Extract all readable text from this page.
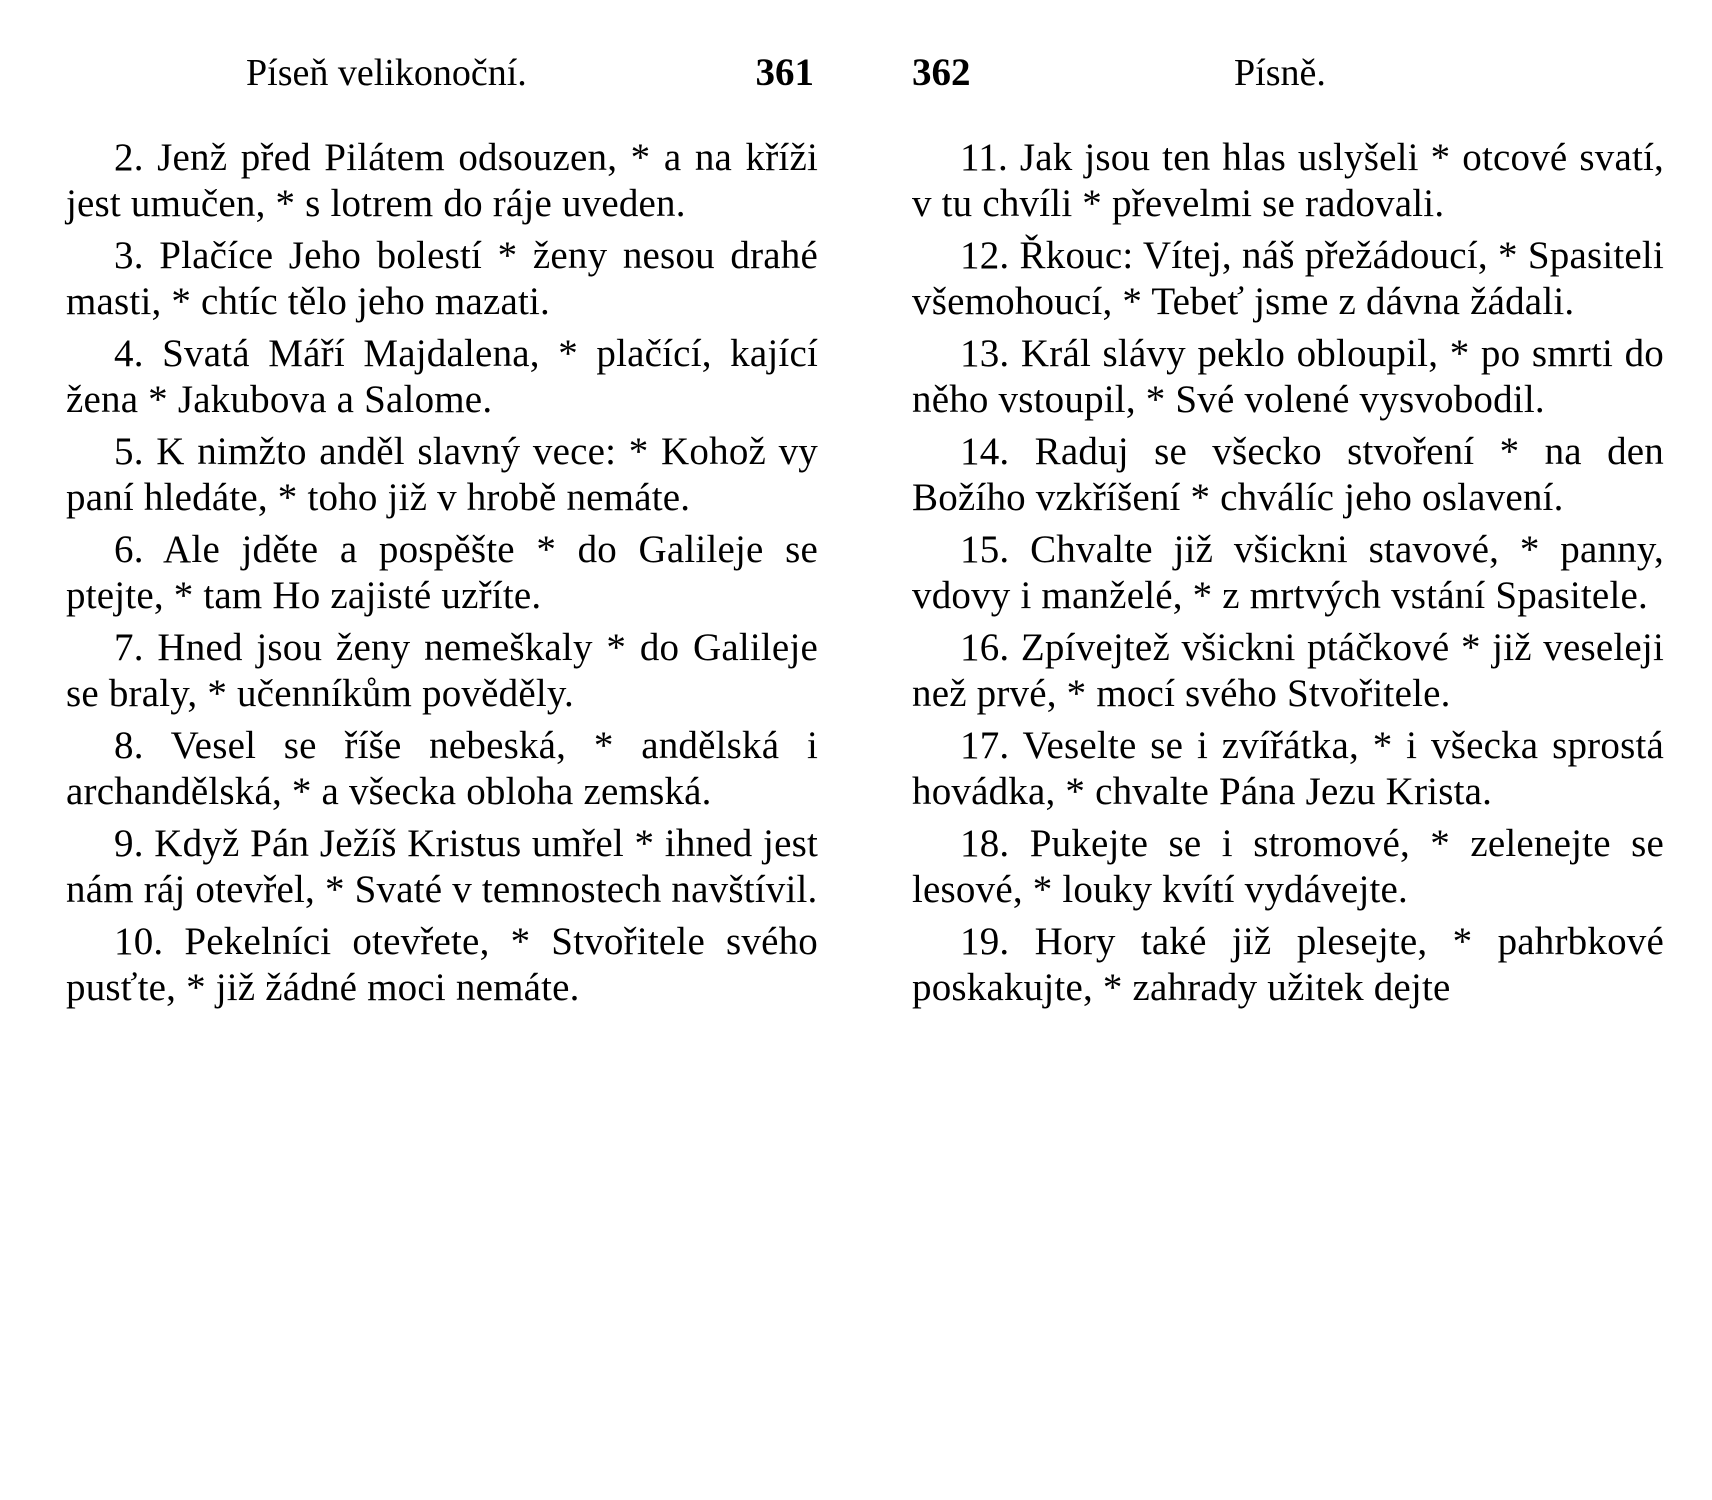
Píseň velikonoční.	361

2. Jenž před Pilátem odsouzen, * a na kříži jest umučen, * s lotrem do ráje uveden.

3. Plačíce Jeho bolestí * ženy nesou drahé masti, * chtíc tělo jeho mazati.

4. Svatá Máří Majdalena, * plačící, kající žena * Jakubova a Salome.

5. K nimžto anděl slavný vece: * Kohož vy paní hledáte, * toho již v hrobě nemáte.

6. Ale jděte a pospěšte * do Galileje se ptejte, * tam Ho zajisté uzříte.

7. Hned jsou ženy nemeškaly * do Galileje se braly, * učenníkům pověděly.

8. Vesel se říše nebeská, * andělská i archandělská, * a všecka obloha zemská.

9. Když Pán Ježíš Kristus umřel * ihned jest nám ráj otevřel, * Svaté v temnostech navštívil.

10. Pekelníci otevřete, * Stvořitele svého pusťte, * již žádné moci nemáte.

362	Písně.

11. Jak jsou ten hlas uslyšeli * otcové svatí, v tu chvíli * převelmi se radovali.

12. Řkouc: Vítej, náš přežádoucí, * Spasiteli všemohoucí, * Tebeť jsme z dávna žádali.

13. Král slávy peklo obloupil, * po smrti do něho vstoupil, * Své volené vysvobodil.

14. Raduj se všecko stvoření * na den Božího vzkříšení * chválíc jeho oslavení.

15. Chvalte již všickni stavové, * panny, vdovy i manželé, * z mrtvých vstání Spasitele.

16. Zpívejtež všickni ptáčkové * již veseleji než prvé, * mocí svého Stvořitele.

17. Veselte se i zvířátka, * i všecka sprostá hovádka, * chvalte Pána Jezu Krista.

18. Pukejte se i stromové, * zelenejte se lesové, * louky kvítí vydávejte.

19. Hory také již plesejte, * pahrbkové poskakujte, * zahrady užitek dejte
